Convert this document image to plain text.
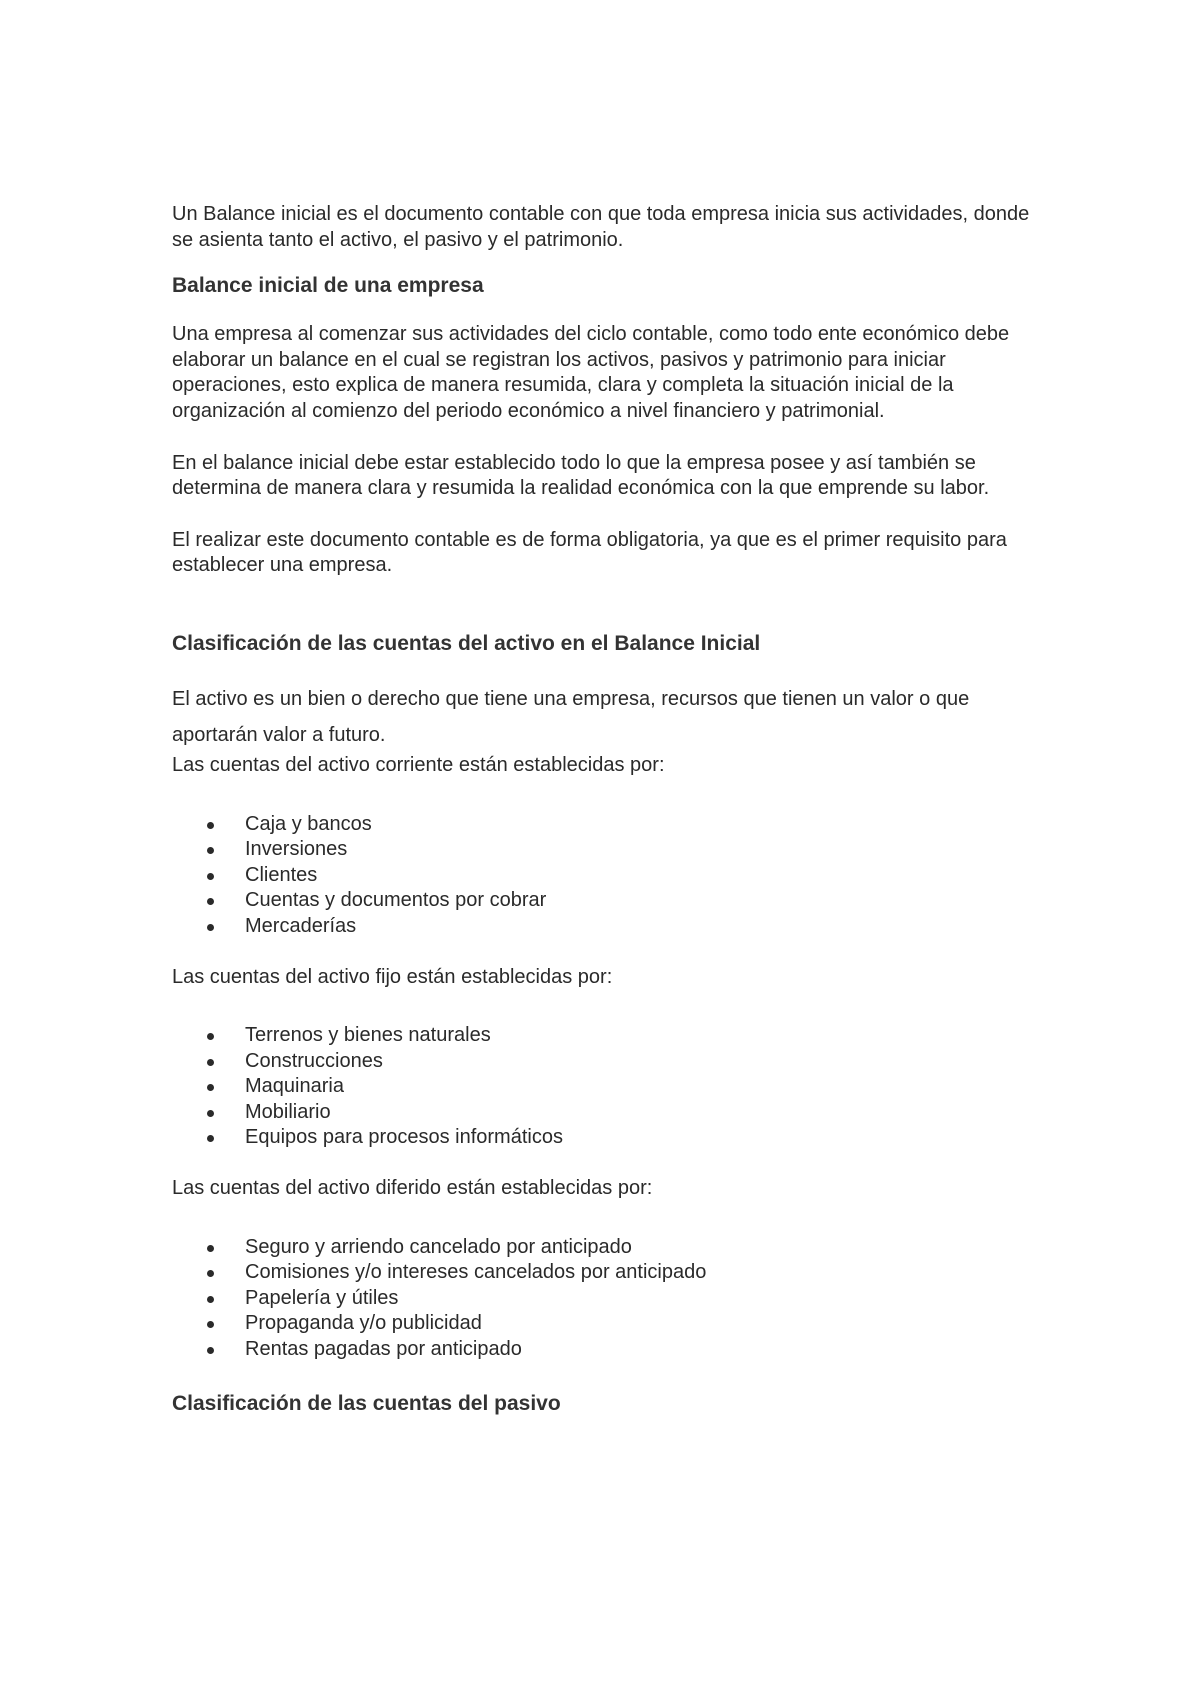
Un Balance inicial es el documento contable con que toda empresa inicia sus actividades, donde se asienta tanto el activo, el pasivo y el patrimonio.

Balance inicial de una empresa

Una empresa al comenzar sus actividades del ciclo contable, como todo ente económico debe elaborar un balance en el cual se registran los activos, pasivos y patrimonio para iniciar operaciones, esto explica de manera resumida, clara y completa la situación inicial de la organización al comienzo del periodo económico a nivel financiero y patrimonial.

En el balance inicial debe estar establecido todo lo que la empresa posee y así también se determina de manera clara y resumida la realidad económica con la que emprende su labor.

El realizar este documento contable es de forma obligatoria, ya que es el primer requisito para establecer una empresa.

Clasificación de las cuentas del activo en el Balance Inicial

El activo es un bien o derecho que tiene una empresa, recursos que tienen un valor o que aportarán valor a futuro.

Las cuentas del activo corriente están establecidas por:

Caja y bancos
Inversiones
Clientes
Cuentas y documentos por cobrar
Mercaderías

Las cuentas del activo fijo están establecidas por:

Terrenos y bienes naturales
Construcciones
Maquinaria
Mobiliario
Equipos para procesos informáticos

Las cuentas del activo diferido están establecidas por:

Seguro y arriendo cancelado por anticipado
Comisiones y/o intereses cancelados por anticipado
Papelería y útiles
Propaganda y/o publicidad
Rentas pagadas por anticipado
Clasificación de las cuentas del pasivo
